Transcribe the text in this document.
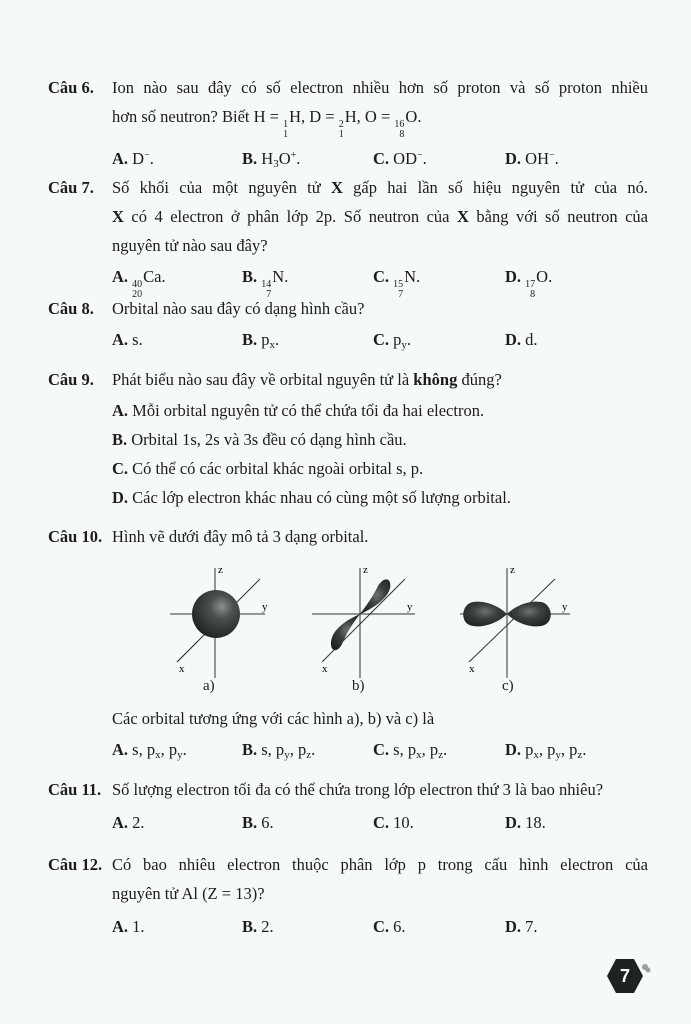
Câu 6. Ion nào sau đây có số electron nhiều hơn số proton và số proton nhiều
hơn số neutron? Biết H = 1
1
H, D = 2
1
H, O = 16
8
O.
A. D−.	B. $H_3O^+$.	C. OD−.	D. OH−.
Câu 7. Số khối của một nguyên tử X gấp hai lần số hiệu nguyên tử của nó.
X có 4 electron ở phân lớp 2p. Số neutron của X bằng với số neutron của
nguyên tử nào sau đây?
A. 40
20
Ca.	B. 14
7
N.	C. 15
7
N.	D. 17
8
O.
Câu 8. Orbital nào sau đây có dạng hình cầu?
A. s.	B. $p_x$.	C. $p_y$.	D. d.
Câu 9. Phát biểu nào sau đây về orbital nguyên tử là không đúng?
A. Mỗi orbital nguyên tử có thể chứa tối đa hai electron.
B. Orbital 1s, 2s và 3s đều có dạng hình cầu.
C. Có thể có các orbital khác ngoài orbital s, p.
D. Các lớp electron khác nhau có cùng một số lượng orbital.
Câu 10. Hình vẽ dưới đây mô tả 3 dạng orbital.
z
y
x
a)
z
y
x
b)
z
y
x
c)
Các orbital tương ứng với các hình a), b) và c) là
A. s, $p_x$, $p_y$.	B. s, $p_y$, $p_z$.	C. s, $p_x$, $p_z$.	D. $p_x$, $p_y$, $p_z$.
Câu 11. Số lượng electron tối đa có thể chứa trong lớp electron thứ 3 là bao nhiêu?
A. 2.	B. 6.	C. 10.	D. 18.
Câu 12. Có bao nhiêu electron thuộc phân lớp p trong cấu hình electron của
nguyên tử Al (Z = 13)?
A. 1.	B. 2.	C. 6.	D. 7.
7
